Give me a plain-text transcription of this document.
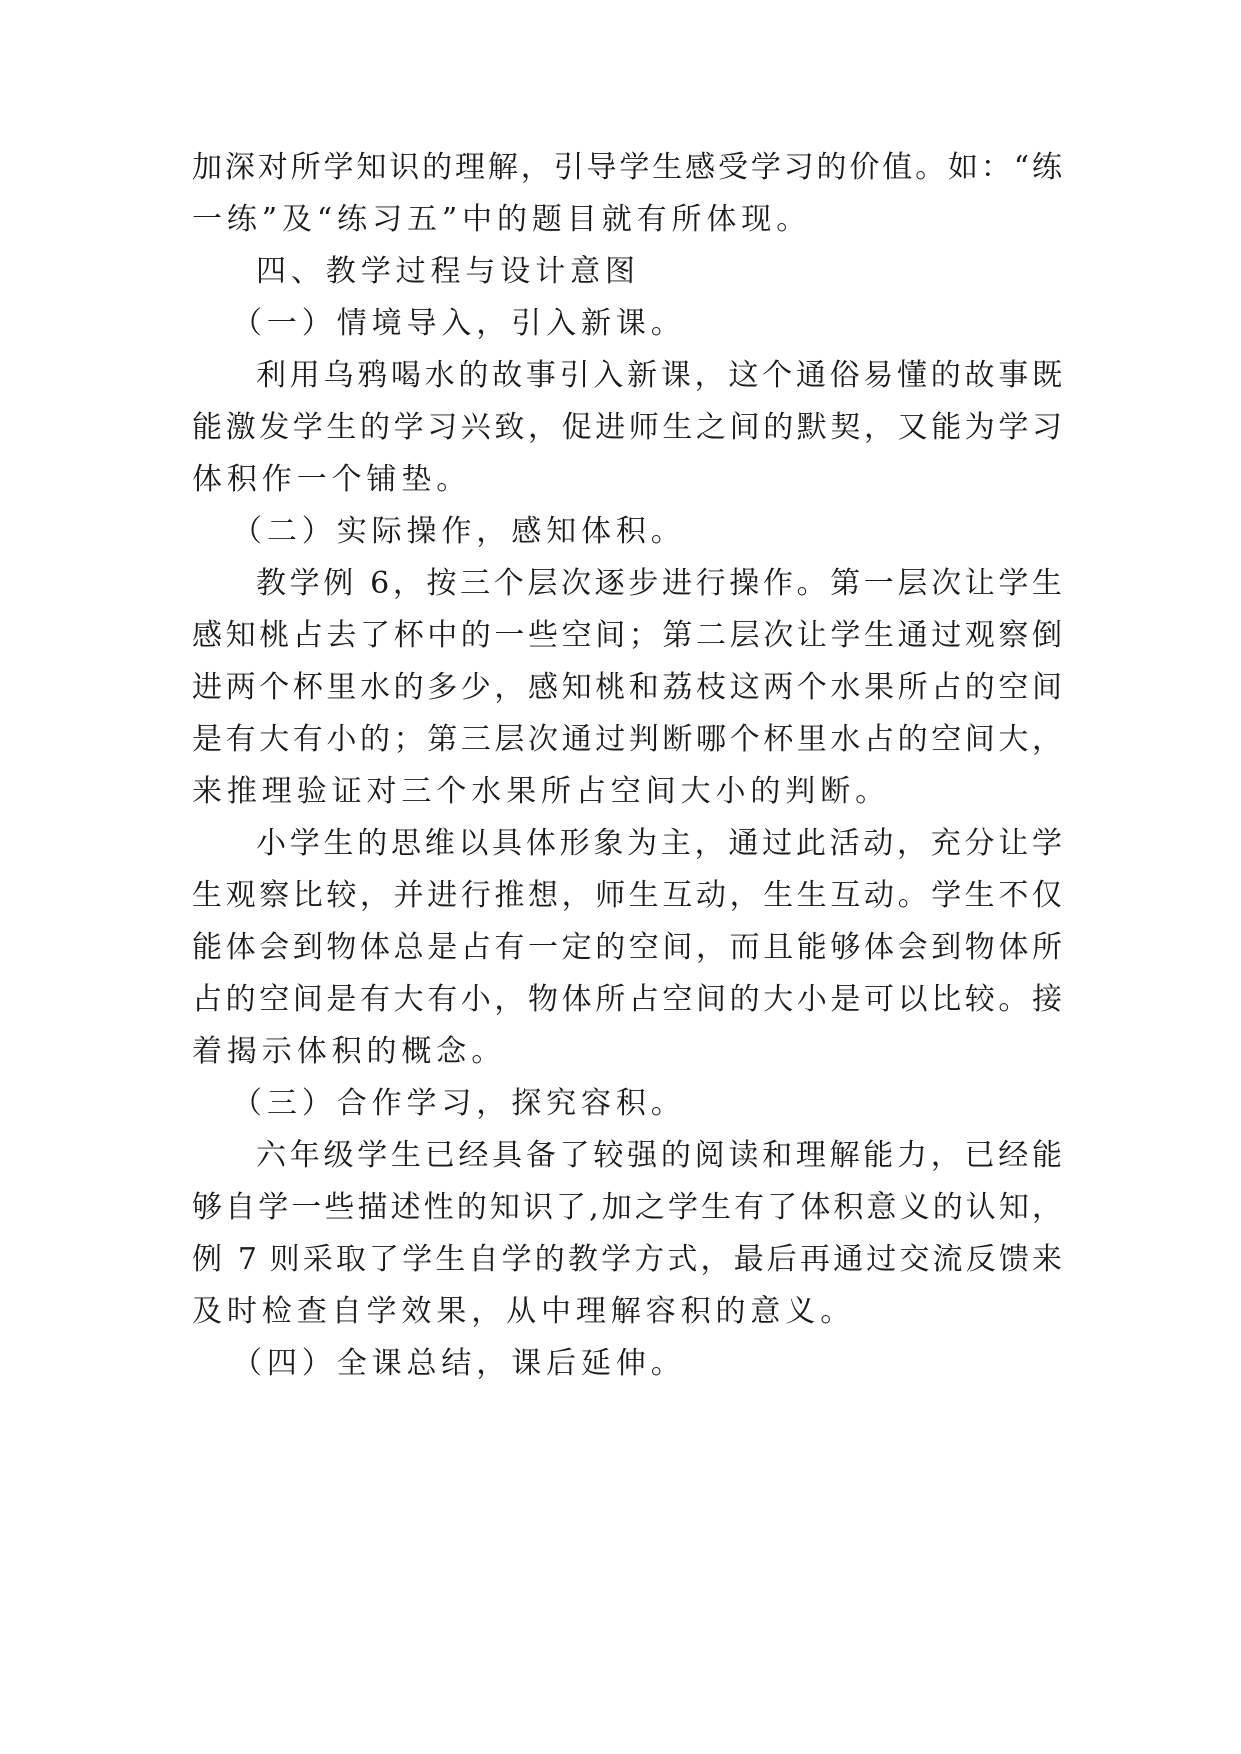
加深对所学知识的理解，引导学生感受学习的价值。如：“练
一练”及“练习五”中的题目就有所体现。
四、教学过程与设计意图
（一）情境导入，引入新课。
利用乌鸦喝水的故事引入新课，这个通俗易懂的故事既
能激发学生的学习兴致，促进师生之间的默契，又能为学习
体积作一个铺垫。
（二）实际操作，感知体积。
教学例 6，按三个层次逐步进行操作。第一层次让学生
感知桃占去了杯中的一些空间；第二层次让学生通过观察倒
进两个杯里水的多少，感知桃和荔枝这两个水果所占的空间
是有大有小的；第三层次通过判断哪个杯里水占的空间大，
来推理验证对三个水果所占空间大小的判断。
小学生的思维以具体形象为主，通过此活动，充分让学
生观察比较，并进行推想，师生互动，生生互动。学生不仅
能体会到物体总是占有一定的空间，而且能够体会到物体所
占的空间是有大有小，物体所占空间的大小是可以比较。接
着揭示体积的概念。
（三）合作学习，探究容积。
六年级学生已经具备了较强的阅读和理解能力，已经能
够自学一些描述性的知识了,加之学生有了体积意义的认知，
例 7 则采取了学生自学的教学方式，最后再通过交流反馈来
及时检查自学效果，从中理解容积的意义。
（四）全课总结，课后延伸。
